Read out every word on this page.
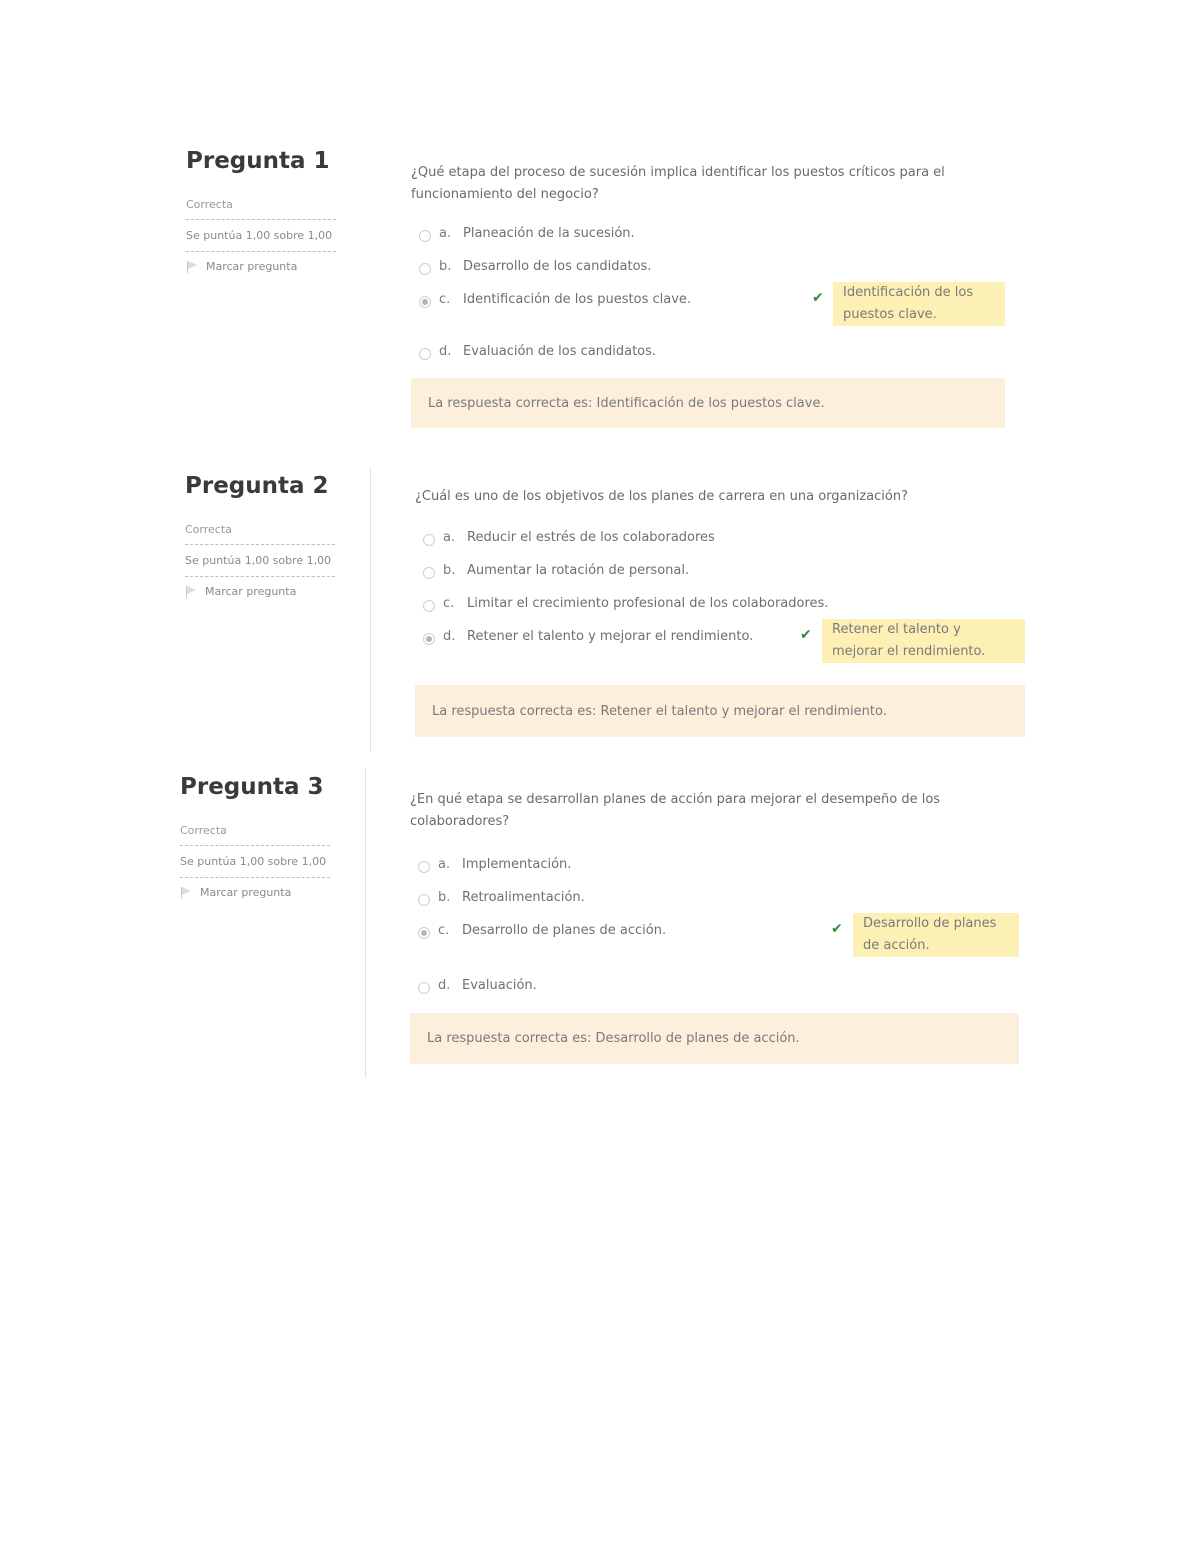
Pregunta 1
Correcta
Se puntúa 1,00 sobre 1,00
Marcar pregunta

¿Qué etapa del proceso de sucesión implica identificar los puestos críticos para el funcionamiento del negocio?

a. Planeación de la sucesión.
b. Desarrollo de los candidatos.
c. Identificación de los puestos clave.	✔	Identificación de los puestos clave.
d. Evaluación de los candidatos.
La respuesta correcta es: Identificación de los puestos clave.
Pregunta 2
Correcta
Se puntúa 1,00 sobre 1,00
Marcar pregunta

¿Cuál es uno de los objetivos de los planes de carrera en una organización?

a. Reducir el estrés de los colaboradores
b. Aumentar la rotación de personal.
c. Limitar el crecimiento profesional de los colaboradores.
d. Retener el talento y mejorar el rendimiento.	✔	Retener el talento y mejorar el rendimiento.
La respuesta correcta es: Retener el talento y mejorar el rendimiento.
Pregunta 3
Correcta
Se puntúa 1,00 sobre 1,00
Marcar pregunta

¿En qué etapa se desarrollan planes de acción para mejorar el desempeño de los colaboradores?

a. Implementación.
b. Retroalimentación.
c. Desarrollo de planes de acción.	✔	Desarrollo de planes de acción.
d. Evaluación.
La respuesta correcta es: Desarrollo de planes de acción.
